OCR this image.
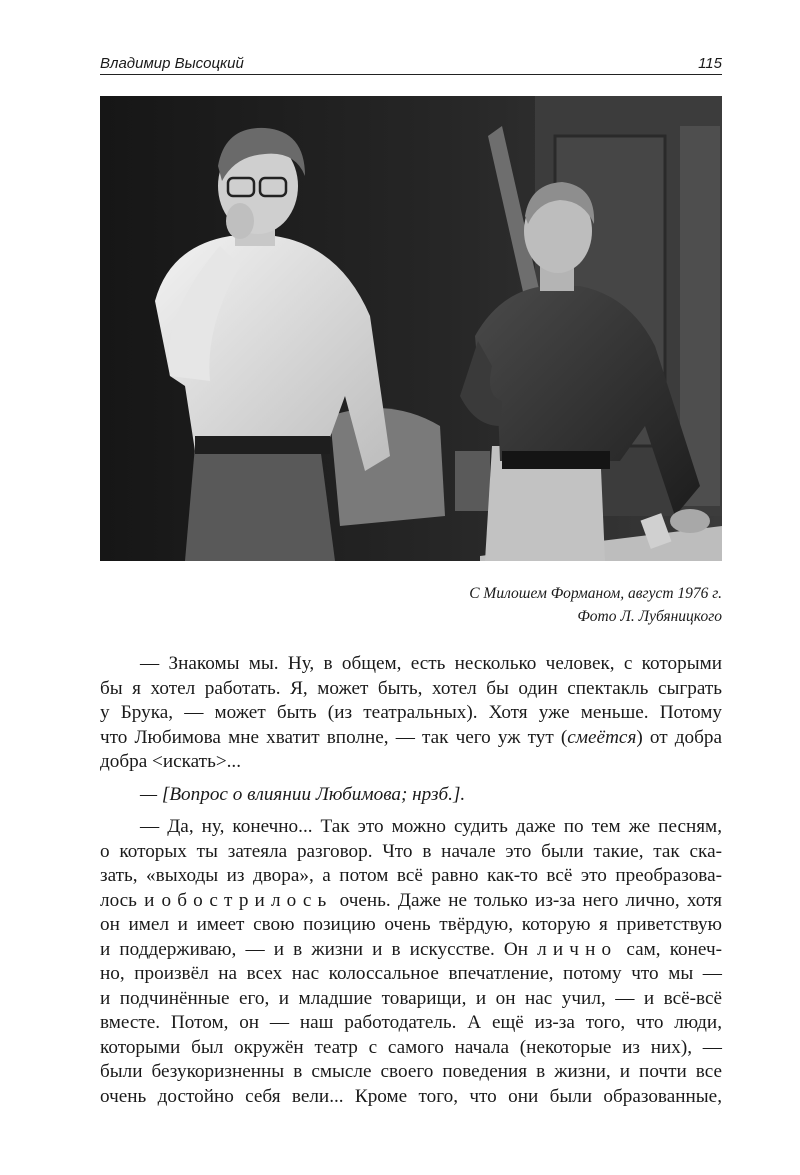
Владимир Высоцкий	115
С Милошем Форманом, август 1976 г.
Фото Л. Лубяницкого
— Знакомы мы. Ну, в общем, есть несколько человек, с которыми
бы я хотел работать. Я, может быть, хотел бы один спектакль сыграть
у Брука, — может быть (из театральных). Хотя уже меньше. Потому
что Любимова мне хватит вполне, — так чего уж тут (смеётся) от добра
добра <искать>...
— [Вопрос о влиянии Любимова; нрзб.].
— Да, ну, конечно... Так это можно судить даже по тем же песням,
о которых ты затеяла разговор. Что в начале это были такие, так ска-
зать, «выходы из двора», а потом всё равно как-то всё это преобразова-
лось и обострилось очень. Даже не только из-за него лично, хотя
он имел и имеет свою позицию очень твёрдую, которую я приветствую
и поддерживаю, — и в жизни и в искусстве. Он лично сам, конеч-
но, произвёл на всех нас колоссальное впечатление, потому что мы —
и подчинённые его, и младшие товарищи, и он нас учил, — и всё-всё
вместе. Потом, он — наш работодатель. А ещё из-за того, что люди,
которыми был окружён театр с самого начала (некоторые из них), —
были безукоризненны в смысле своего поведения в жизни, и почти все
очень достойно себя вели... Кроме того, что они были образованные,
